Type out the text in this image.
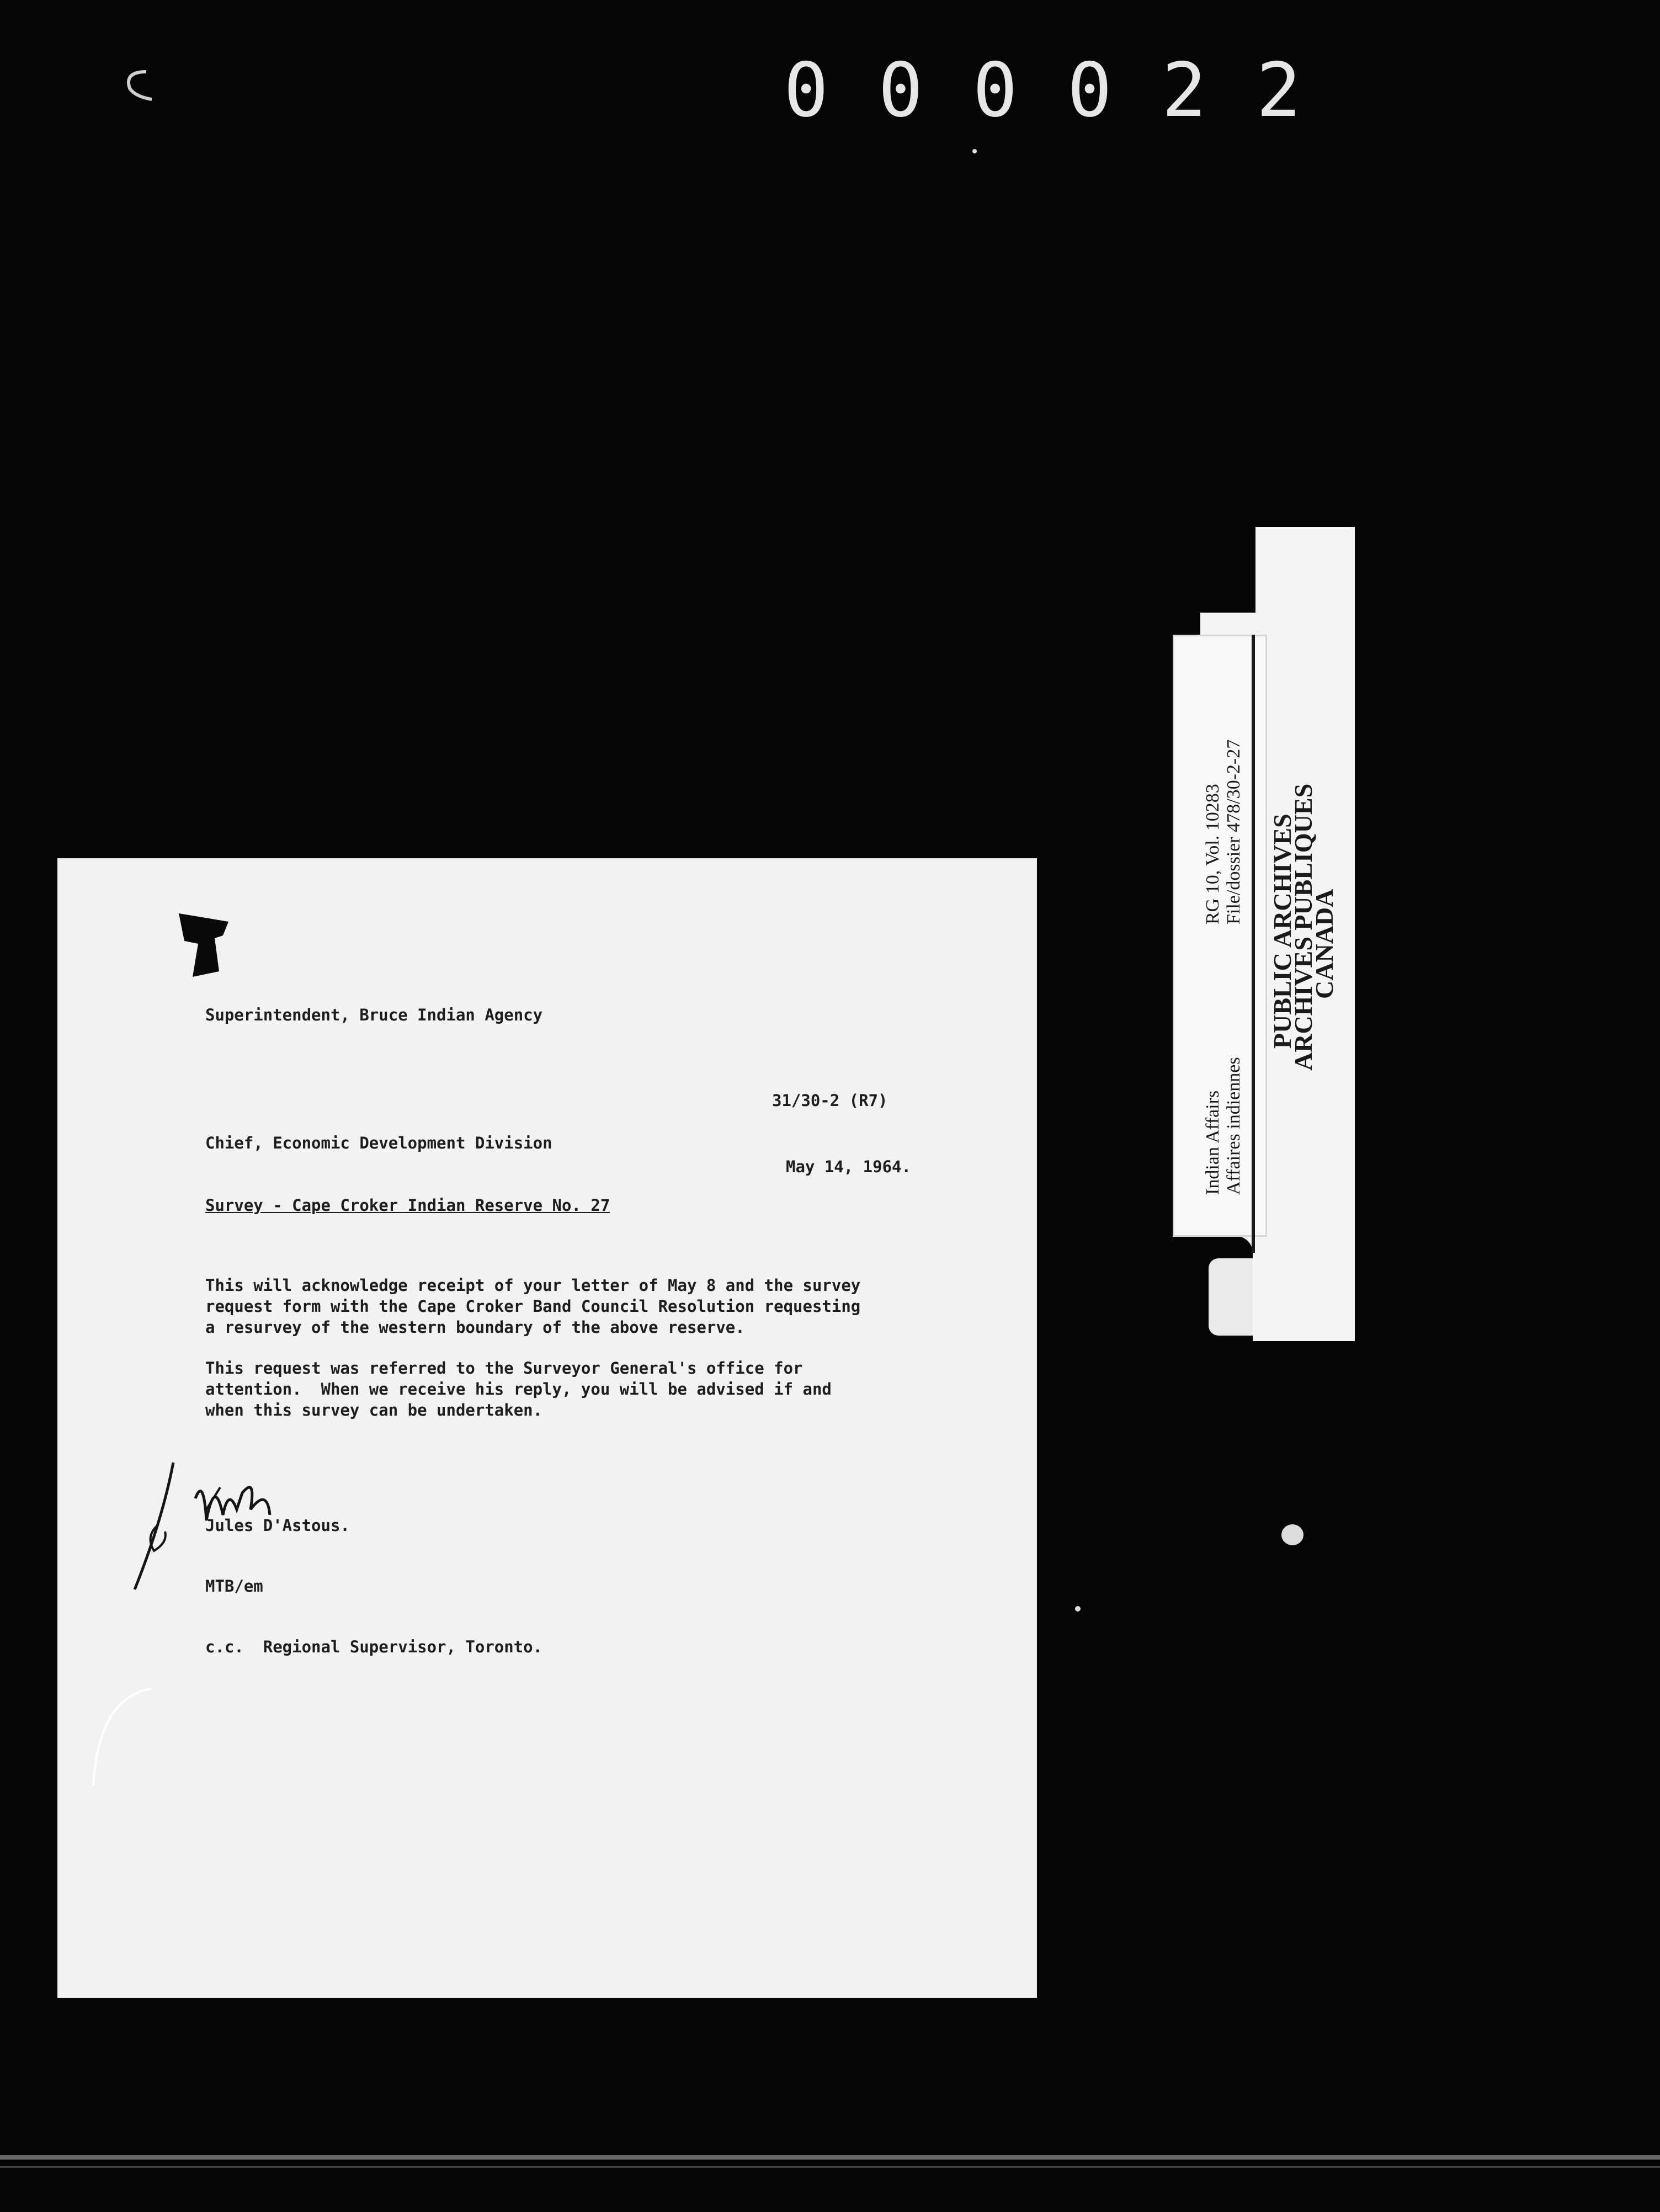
000022
Superintendent, Bruce Indian Agency
31/30-2 (R7)
Chief, Economic Development Division
May 14, 1964.
Survey - Cape Croker Indian Reserve No. 27
This will acknowledge receipt of your letter of May 8 and the survey
request form with the Cape Croker Band Council Resolution requesting
a resurvey of the western boundary of the above reserve.
This request was referred to the Surveyor General's office for
attention.  When we receive his reply, you will be advised if and
when this survey can be undertaken.
Jules D'Astous.
MTB/em
c.c.  Regional Supervisor, Toronto.
Indian Affairs Affaires indiennes
RG 10, Vol. 10283 File/dossier 478/30-2-27 PUBLIC ARCHIVES
ARCHIVES PUBLIQUES
CANADA
